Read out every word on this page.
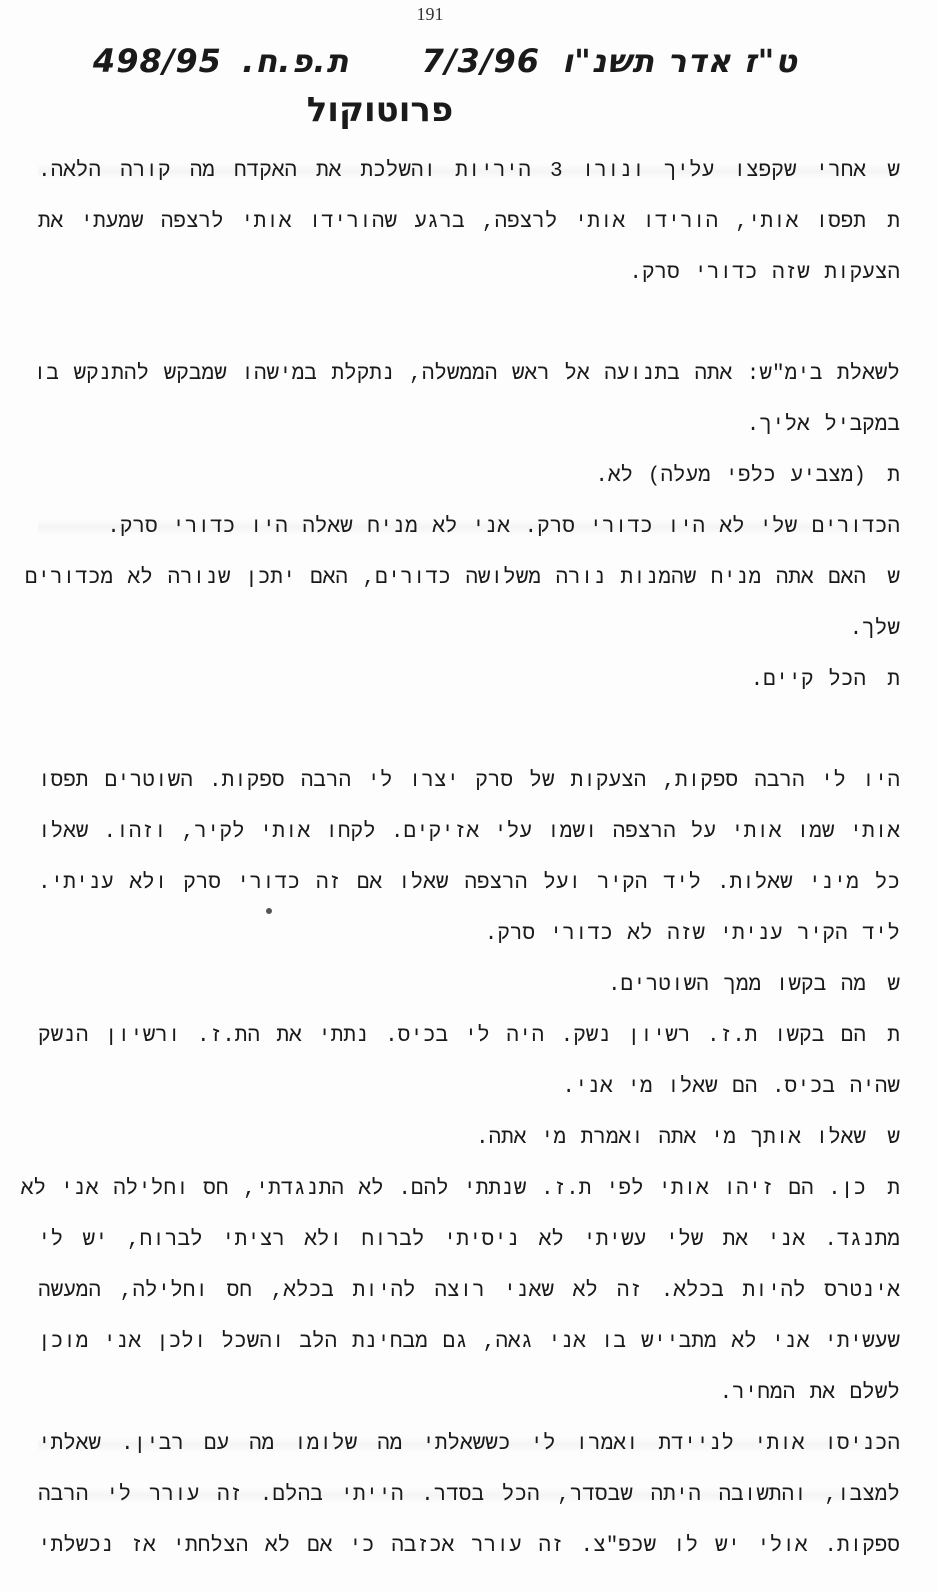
191
ט"ז אדר תשנ"ו 7/3/96 ת.פ.ח. 498/95
פרוטוקול
שאחרי שקפצו עליך ונורו 3 היריות והשלכת את האקדח מה קורה הלאה.
תתפסו אותי, הורידו אותי לרצפה, ברגע שהורידו אותי לרצפה שמעתי את
הצעקות שזה כדורי סרק.
לשאלת בימ"ש: אתה בתנועה אל ראש הממשלה, נתקלת במישהו שמבקש להתנקש בו
במקביל אליך.
ת(מצביע כלפי מעלה) לא.
הכדורים שלי לא היו כדורי סרק. אני לא מניח שאלה היו כדורי סרק.
שהאם אתה מניח שהמנות נורה משלושה כדורים, האם יתכן שנורה לא מכדורים
שלך.
תהכל קיים.
היו לי הרבה ספקות, הצעקות של סרק יצרו לי הרבה ספקות. השוטרים תפסו
אותי שמו אותי על הרצפה ושמו עלי אזיקים. לקחו אותי לקיר, וזהו. שאלו
כל מיני שאלות. ליד הקיר ועל הרצפה שאלו אם זה כדורי סרק ולא עניתי.
ליד הקיר עניתי שזה לא כדורי סרק.
שמה בקשו ממך השוטרים.
תהם בקשו ת.ז. רשיון נשק. היה לי בכיס. נתתי את הת.ז. ורשיון הנשק
שהיה בכיס. הם שאלו מי אני.
ששאלו אותך מי אתה ואמרת מי אתה.
תכן. הם זיהו אותי לפי ת.ז. שנתתי להם. לא התנגדתי, חס וחלילה אני לא
מתנגד. אני את שלי עשיתי לא ניסיתי לברוח ולא רציתי לברוח, יש לי
אינטרס להיות בכלא. זה לא שאני רוצה להיות בכלא, חס וחלילה, המעשה
שעשיתי אני לא מתבייש בו אני גאה, גם מבחינת הלב והשכל ולכן אני מוכן
לשלם את המחיר.
הכניסו אותי לניידת ואמרו לי כששאלתי מה שלומו מה עם רבין. שאלתי
למצבו, והתשובה היתה שבסדר, הכל בסדר. הייתי בהלם. זה עורר לי הרבה
ספקות. אולי יש לו שכפ"צ. זה עורר אכזבה כי אם לא הצלחתי אז נכשלתי
